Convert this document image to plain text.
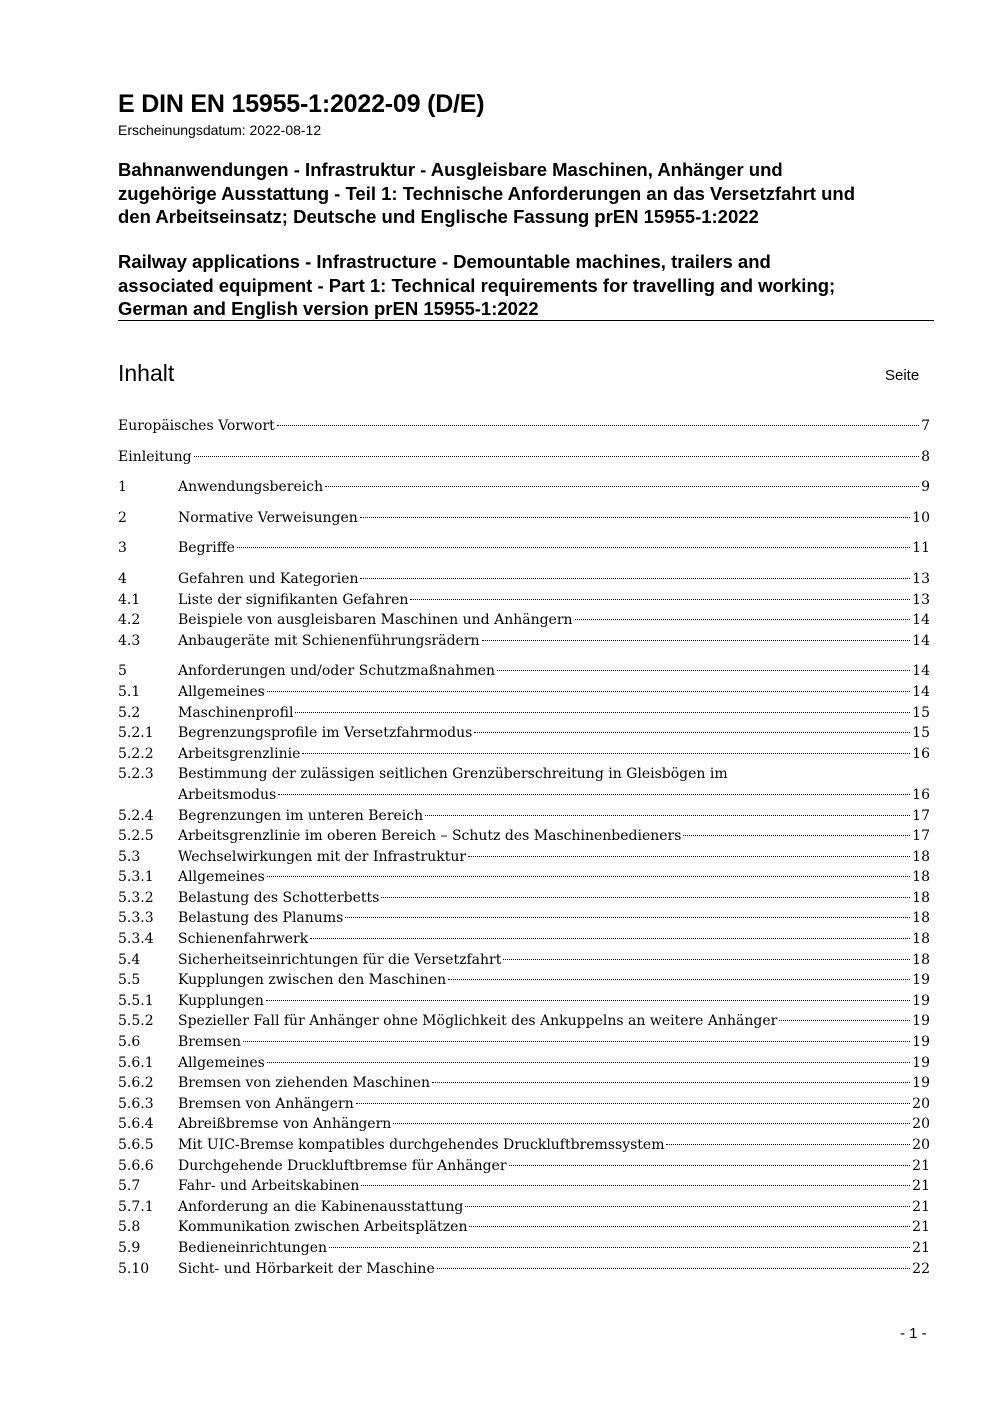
E DIN EN 15955-1:2022-09 (D/E)
Erscheinungsdatum: 2022-08-12
Bahnanwendungen - Infrastruktur - Ausgleisbare Maschinen, Anhänger und
zugehörige Ausstattung - Teil 1: Technische Anforderungen an das Versetzfahrt und
den Arbeitseinsatz; Deutsche und Englische Fassung prEN 15955-1:2022
Railway applications - Infrastructure - Demountable machines, trailers and
associated equipment - Part 1: Technical requirements for travelling and working;
German and English version prEN 15955-1:2022
Inhalt	Seite
Europäisches Vorwort	7
Einleitung	8
1	Anwendungsbereich	9
2	Normative Verweisungen	10
3	Begriffe	11
4	Gefahren und Kategorien	13
4.1	Liste der signifikanten Gefahren	13
4.2	Beispiele von ausgleisbaren Maschinen und Anhängern	14
4.3	Anbaugeräte mit Schienenführungsrädern	14
5	Anforderungen und/oder Schutzmaßnahmen	14
5.1	Allgemeines	14
5.2	Maschinenprofil	15
5.2.1 Begrenzungsprofile im Versetzfahrmodus	15
5.2.2 Arbeitsgrenzlinie	16
5.2.3 Bestimmung der zulässigen seitlichen Grenzüberschreitung in Gleisbögen im
Arbeitsmodus	16
5.2.4 Begrenzungen im unteren Bereich	17
5.2.5 Arbeitsgrenzlinie im oberen Bereich – Schutz des Maschinenbedieners	17
5.3	Wechselwirkungen mit der Infrastruktur	18
5.3.1 Allgemeines	18
5.3.2 Belastung des Schotterbetts	18
5.3.3 Belastung des Planums	18
5.3.4 Schienenfahrwerk	18
5.4	Sicherheitseinrichtungen für die Versetzfahrt	18
5.5	Kupplungen zwischen den Maschinen	19
5.5.1 Kupplungen	19
5.5.2 Spezieller Fall für Anhänger ohne Möglichkeit des Ankuppelns an weitere Anhänger	19
5.6	Bremsen	19
5.6.1 Allgemeines	19
5.6.2 Bremsen von ziehenden Maschinen	19
5.6.3 Bremsen von Anhängern	20
5.6.4 Abreißbremse von Anhängern	20
5.6.5 Mit UIC-Bremse kompatibles durchgehendes Druckluftbremssystem	20
5.6.6 Durchgehende Druckluftbremse für Anhänger	21
5.7	Fahr- und Arbeitskabinen	21
5.7.1 Anforderung an die Kabinenausstattung	21
5.8	Kommunikation zwischen Arbeitsplätzen	21
5.9	Bedieneinrichtungen	21
5.10 Sicht- und Hörbarkeit der Maschine	22
- 1 -
